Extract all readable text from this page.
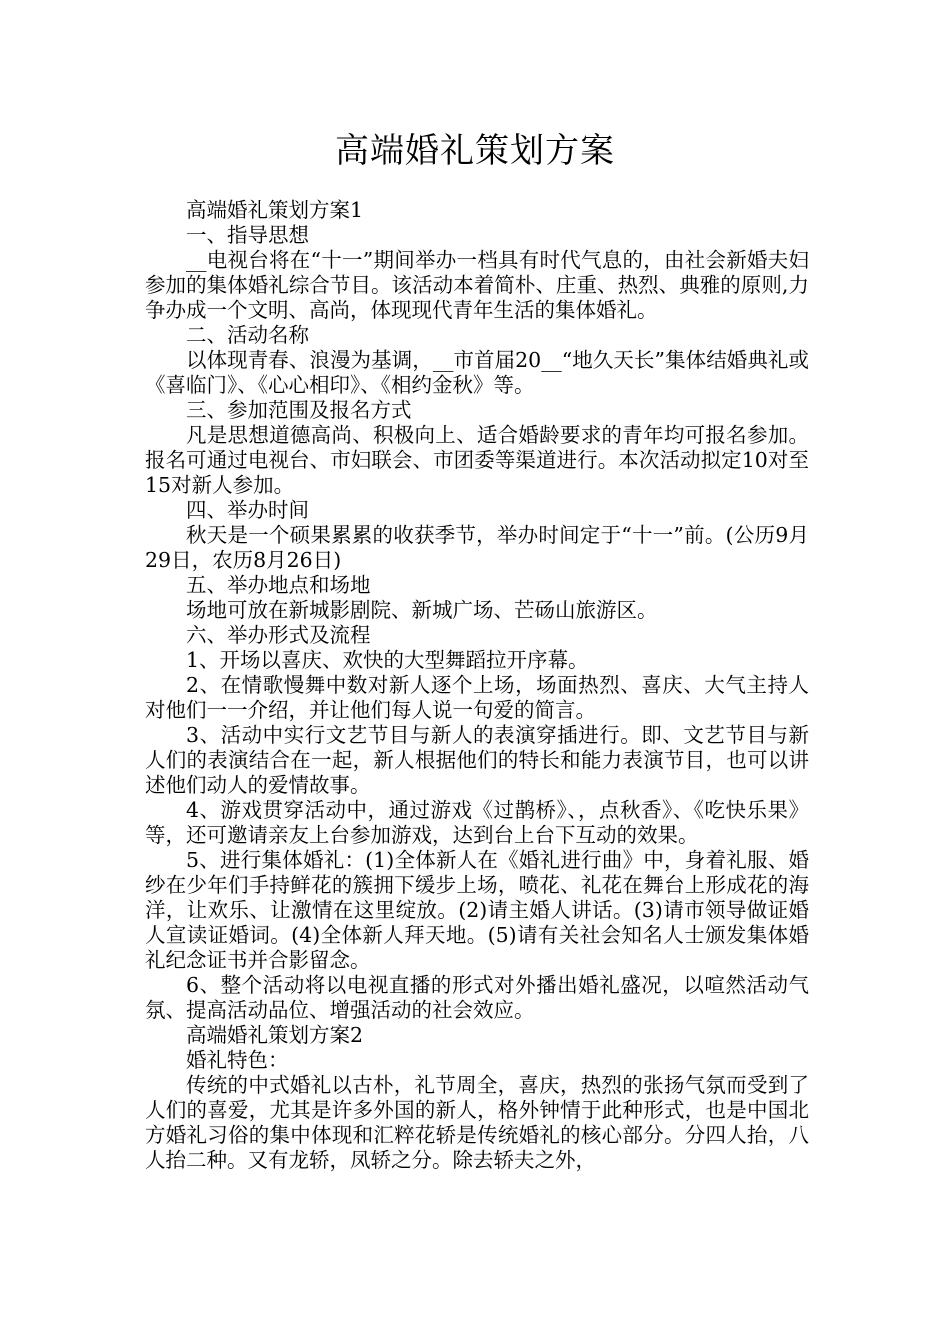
高端婚礼策划方案

高端婚礼策划方案1

一、指导思想

__电视台将在“十一”期间举办一档具有时代气息的，由社会新婚夫妇参加的集体婚礼综合节目。该活动本着简朴、庄重、热烈、典雅的原则,力争办成一个文明、高尚，体现现代青年生活的集体婚礼。

二、活动名称

以体现青春、浪漫为基调，__市首届20__“地久天长”集体结婚典礼或《喜临门》、《心心相印》、《相约金秋》等。

三、参加范围及报名方式

凡是思想道德高尚、积极向上、适合婚龄要求的青年均可报名参加。报名可通过电视台、市妇联会、市团委等渠道进行。本次活动拟定10对至15对新人参加。

四、举办时间

秋天是一个硕果累累的收获季节，举办时间定于“十一”前。(公历9月29日，农历8月26日)

五、举办地点和场地

场地可放在新城影剧院、新城广场、芒砀山旅游区。

六、举办形式及流程

1、开场以喜庆、欢快的大型舞蹈拉开序幕。

2、在情歌慢舞中数对新人逐个上场，场面热烈、喜庆、大气主持人对他们一一介绍，并让他们每人说一句爱的简言。

3、活动中实行文艺节目与新人的表演穿插进行。即、文艺节目与新人们的表演结合在一起，新人根据他们的特长和能力表演节目，也可以讲述他们动人的爱情故事。

4、游戏贯穿活动中，通过游戏《过鹊桥》、，点秋香》、《吃快乐果》等，还可邀请亲友上台参加游戏，达到台上台下互动的效果。

5、进行集体婚礼：(1)全体新人在《婚礼进行曲》中，身着礼服、婚纱在少年们手持鲜花的簇拥下缓步上场，喷花、礼花在舞台上形成花的海洋，让欢乐、让激情在这里绽放。(2)请主婚人讲话。(3)请市领导做证婚人宣读证婚词。(4)全体新人拜天地。(5)请有关社会知名人士颁发集体婚礼纪念证书并合影留念。

6、整个活动将以电视直播的形式对外播出婚礼盛况，以喧然活动气氛、提高活动品位、增强活动的社会效应。

高端婚礼策划方案2

婚礼特色：

传统的中式婚礼以古朴，礼节周全，喜庆，热烈的张扬气氛而受到了人们的喜爱，尤其是许多外国的新人，格外钟情于此种形式，也是中国北方婚礼习俗的集中体现和汇粹花轿是传统婚礼的核心部分。分四人抬，八人抬二种。又有龙轿，凤轿之分。除去轿夫之外，
